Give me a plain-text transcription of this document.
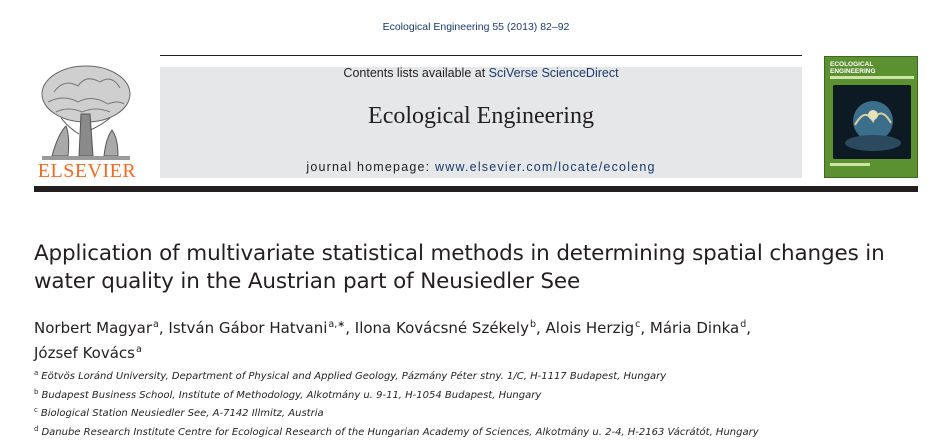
Ecological Engineering 55 (2013) 82–92
ELSEVIER
Contents lists available at SciVerse ScienceDirect
Ecological Engineering
journal homepage: www.elsevier.com/locate/ecoleng
ECOLOGICAL
ENGINEERING
Application of multivariate statistical methods in determining spatial changes in water quality in the Austrian part of Neusiedler See
Norbert Magyar$^a$, István Gábor Hatvani$^{a,∗}$, Ilona Kovácsné Székely$^b$, Alois Herzig$^c$, Mária Dinka$^d$,
József Kovács$^a$
$^a$ Eötvös Loránd University, Department of Physical and Applied Geology, Pázmány Péter stny. 1/C, H-1117 Budapest, Hungary
$^b$ Budapest Business School, Institute of Methodology, Alkotmány u. 9-11, H-1054 Budapest, Hungary
$^c$ Biological Station Neusiedler See, A-7142 Illmitz, Austria
$^d$ Danube Research Institute Centre for Ecological Research of the Hungarian Academy of Sciences, Alkotmány u. 2-4, H-2163 Vácrátót, Hungary
